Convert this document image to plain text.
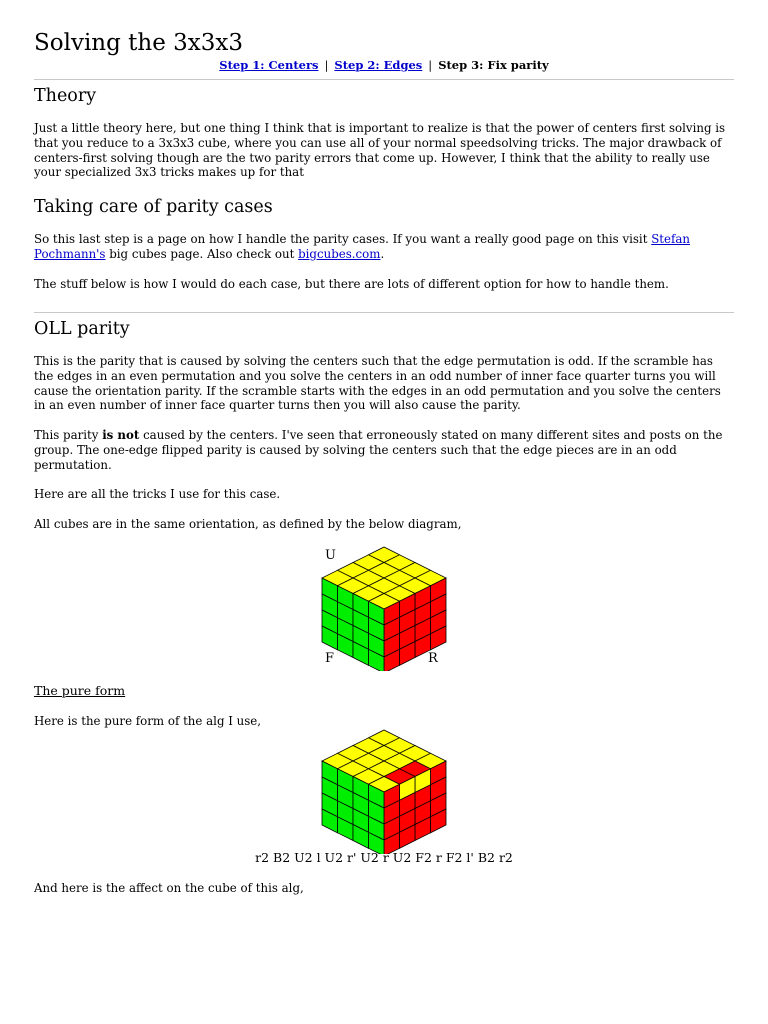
Solving the 3x3x3
Step 1: Centers | Step 2: Edges | Step 3: Fix parity
Theory

Just a little theory here, but one thing I think that is important to realize is that the power of centers first solving is that you reduce to a 3x3x3 cube, where you can use all of your normal speedsolving tricks. The major drawback of centers-first solving though are the two parity errors that come up. However, I think that the ability to really use your specialized 3x3 tricks makes up for that

Taking care of parity cases

So this last step is a page on how I handle the parity cases. If you want a really good page on this visit Stefan Pochmann's big cubes page. Also check out bigcubes.com.

The stuff below is how I would do each case, but there are lots of different option for how to handle them.

OLL parity

This is the parity that is caused by solving the centers such that the edge permutation is odd. If the scramble has the edges in an even permutation and you solve the centers in an odd number of inner face quarter turns you will cause the orientation parity. If the scramble starts with the edges in an odd permutation and you solve the centers in an even number of inner face quarter turns then you will also cause the parity.

This parity is not caused by the centers. I've seen that erroneously stated on many different sites and posts on the group. The one-edge flipped parity is caused by solving the centers such that the edge pieces are in an odd permutation.

Here are all the tricks I use for this case.

All cubes are in the same orientation, as defined by the below diagram,

U
F	R

The pure form

Here is the pure form of the alg I use,

r2 B2 U2 l U2 r' U2 r U2 F2 r F2 l' B2 r2

And here is the affect on the cube of this alg,
